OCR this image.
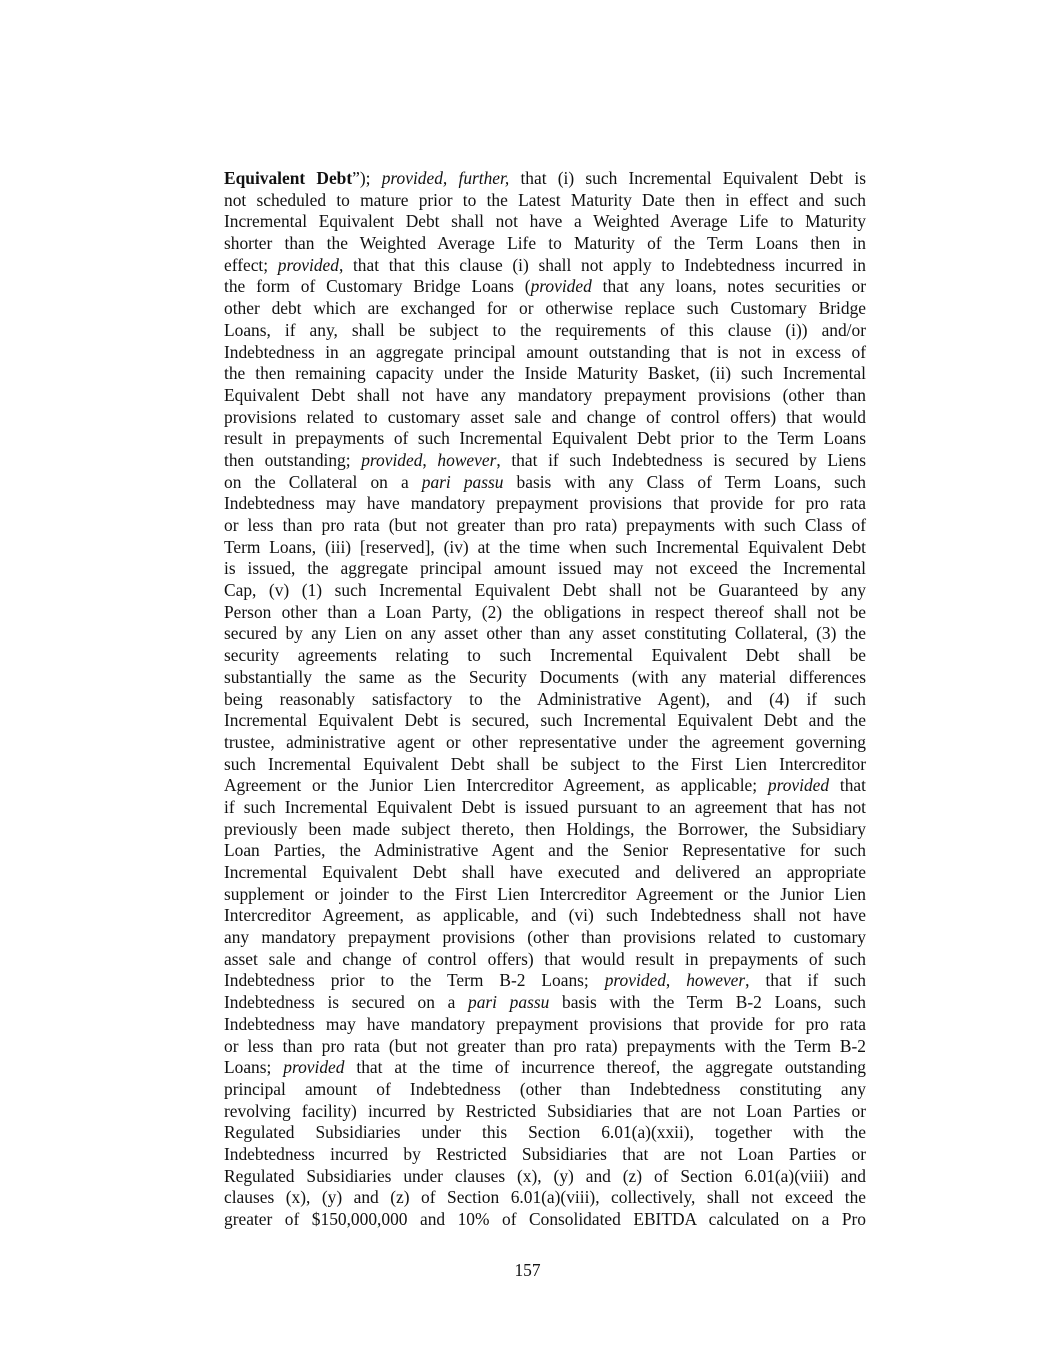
Equivalent Debt”); provided, further, that (i) such Incremental Equivalent Debt is
not scheduled to mature prior to the Latest Maturity Date then in effect and such
Incremental Equivalent Debt shall not have a Weighted Average Life to Maturity
shorter than the Weighted Average Life to Maturity of the Term Loans then in
effect; provided, that that this clause (i) shall not apply to Indebtedness incurred in
the form of Customary Bridge Loans (provided that any loans, notes securities or
other debt which are exchanged for or otherwise replace such Customary Bridge
Loans, if any, shall be subject to the requirements of this clause (i)) and/or
Indebtedness in an aggregate principal amount outstanding that is not in excess of
the then remaining capacity under the Inside Maturity Basket, (ii) such Incremental
Equivalent Debt shall not have any mandatory prepayment provisions (other than
provisions related to customary asset sale and change of control offers) that would
result in prepayments of such Incremental Equivalent Debt prior to the Term Loans
then outstanding; provided, however, that if such Indebtedness is secured by Liens
on the Collateral on a pari passu basis with any Class of Term Loans, such
Indebtedness may have mandatory prepayment provisions that provide for pro rata
or less than pro rata (but not greater than pro rata) prepayments with such Class of
Term Loans, (iii) [reserved], (iv) at the time when such Incremental Equivalent Debt
is issued, the aggregate principal amount issued may not exceed the Incremental
Cap, (v) (1) such Incremental Equivalent Debt shall not be Guaranteed by any
Person other than a Loan Party, (2) the obligations in respect thereof shall not be
secured by any Lien on any asset other than any asset constituting Collateral, (3) the
security agreements relating to such Incremental Equivalent Debt shall be
substantially the same as the Security Documents (with any material differences
being reasonably satisfactory to the Administrative Agent), and (4) if such
Incremental Equivalent Debt is secured, such Incremental Equivalent Debt and the
trustee, administrative agent or other representative under the agreement governing
such Incremental Equivalent Debt shall be subject to the First Lien Intercreditor
Agreement or the Junior Lien Intercreditor Agreement, as applicable; provided that
if such Incremental Equivalent Debt is issued pursuant to an agreement that has not
previously been made subject thereto, then Holdings, the Borrower, the Subsidiary
Loan Parties, the Administrative Agent and the Senior Representative for such
Incremental Equivalent Debt shall have executed and delivered an appropriate
supplement or joinder to the First Lien Intercreditor Agreement or the Junior Lien
Intercreditor Agreement, as applicable, and (vi) such Indebtedness shall not have
any mandatory prepayment provisions (other than provisions related to customary
asset sale and change of control offers) that would result in prepayments of such
Indebtedness prior to the Term B-2 Loans; provided, however, that if such
Indebtedness is secured on a pari passu basis with the Term B-2 Loans, such
Indebtedness may have mandatory prepayment provisions that provide for pro rata
or less than pro rata (but not greater than pro rata) prepayments with the Term B-2
Loans; provided that at the time of incurrence thereof, the aggregate outstanding
principal amount of Indebtedness (other than Indebtedness constituting any
revolving facility) incurred by Restricted Subsidiaries that are not Loan Parties or
Regulated Subsidiaries under this Section 6.01(a)(xxii), together with the
Indebtedness incurred by Restricted Subsidiaries that are not Loan Parties or
Regulated Subsidiaries under clauses (x), (y) and (z) of Section 6.01(a)(viii) and
clauses (x), (y) and (z) of Section 6.01(a)(viii), collectively, shall not exceed the
greater of $150,000,000 and 10% of Consolidated EBITDA calculated on a Pro
157
